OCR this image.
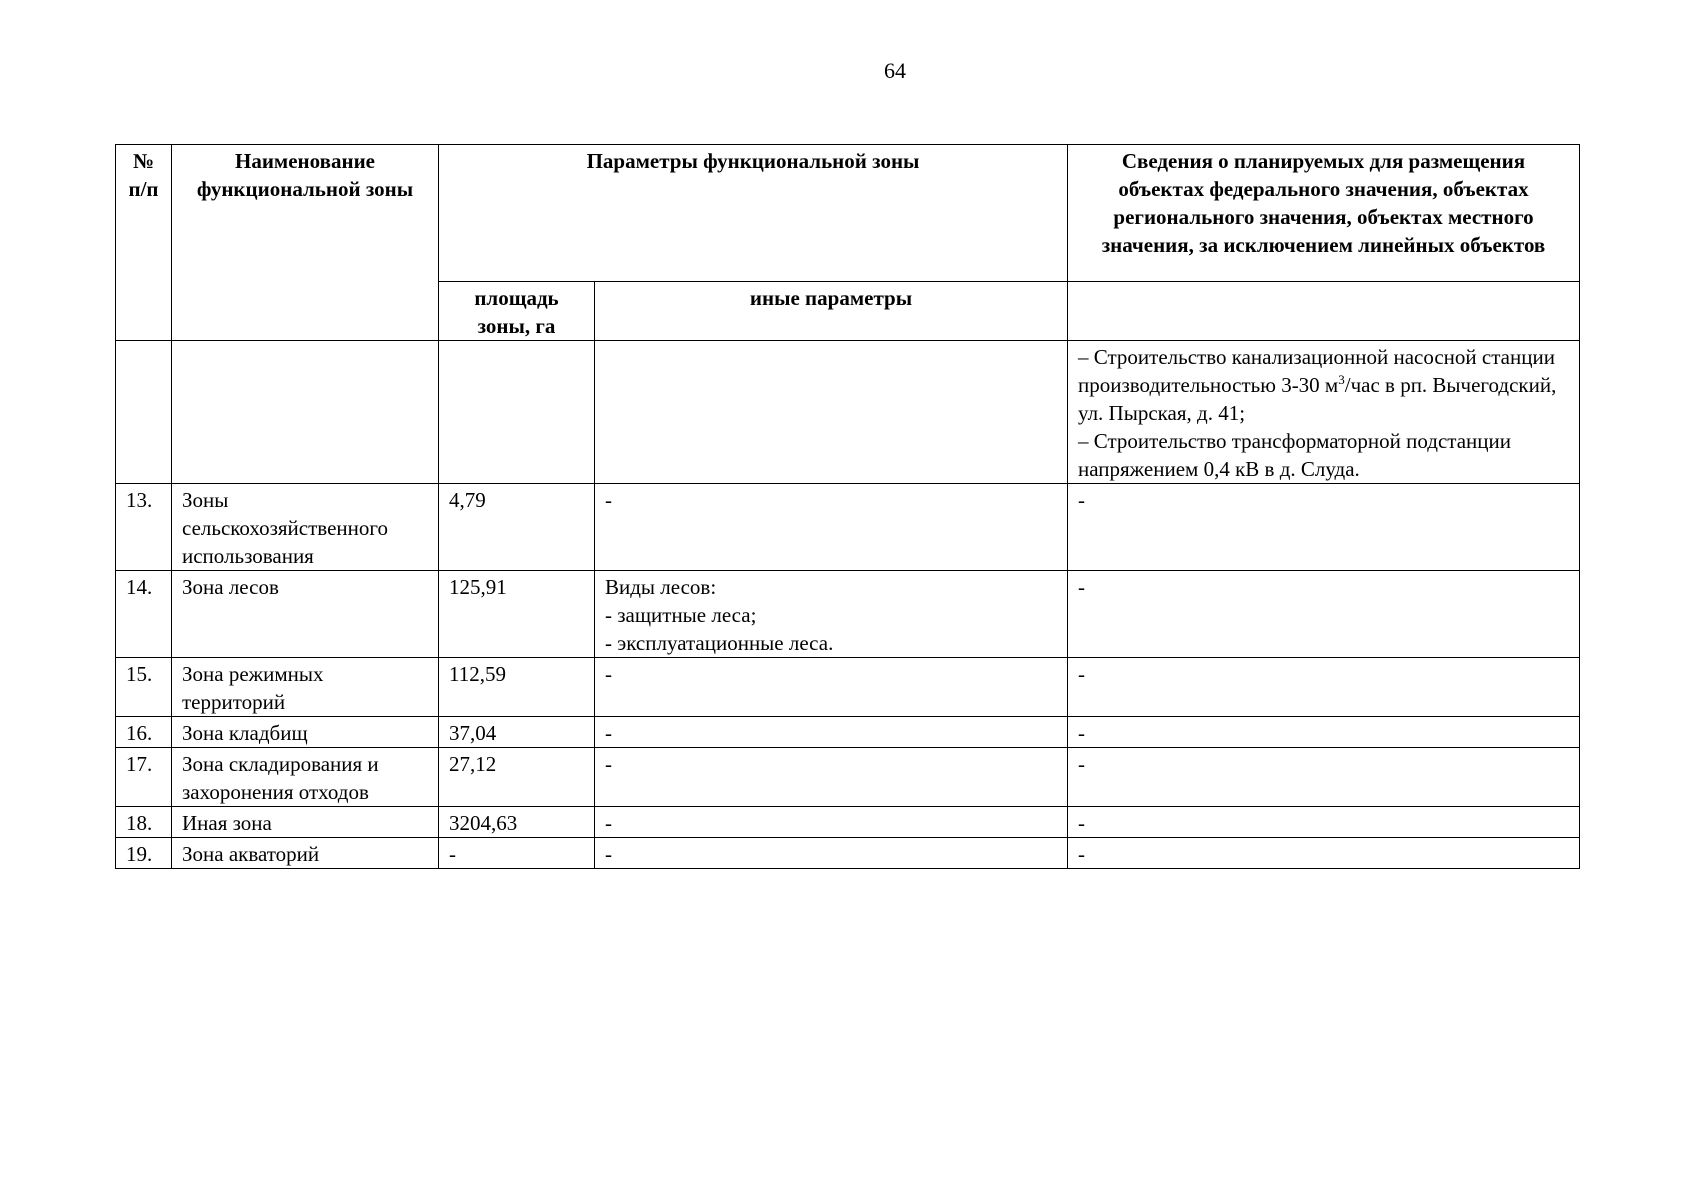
64
№ п/п	Наименование функциональной зоны	Параметры функциональной зоны		Сведения о планируемых для размещения объектах федерального значения, объектах регионального значения, объектах местного значения, за исключением линейных объектов
		площадь зоны, га	иные параметры	
				– Строительство канализационной насосной станции производительностью 3-30 $м^3$/час в рп. Вычегодский, ул. Пырская, д. 41;
– Строительство трансформаторной подстанции напряжением 0,4 кВ в д. Слуда.

13.	Зоны сельскохозяйственного использования	4,79	-	-
14.	Зона лесов	125,91	Виды лесов:
- защитные леса;
- эксплуатационные леса.	-
15.	Зона режимных территорий	112,59	-	-
16.	Зона кладбищ	37,04	-	-
17.	Зона складирования и захоронения отходов	27,12	-	-
18.	Иная зона	3204,63	-	-
19.	Зона акваторий	-	-	-
